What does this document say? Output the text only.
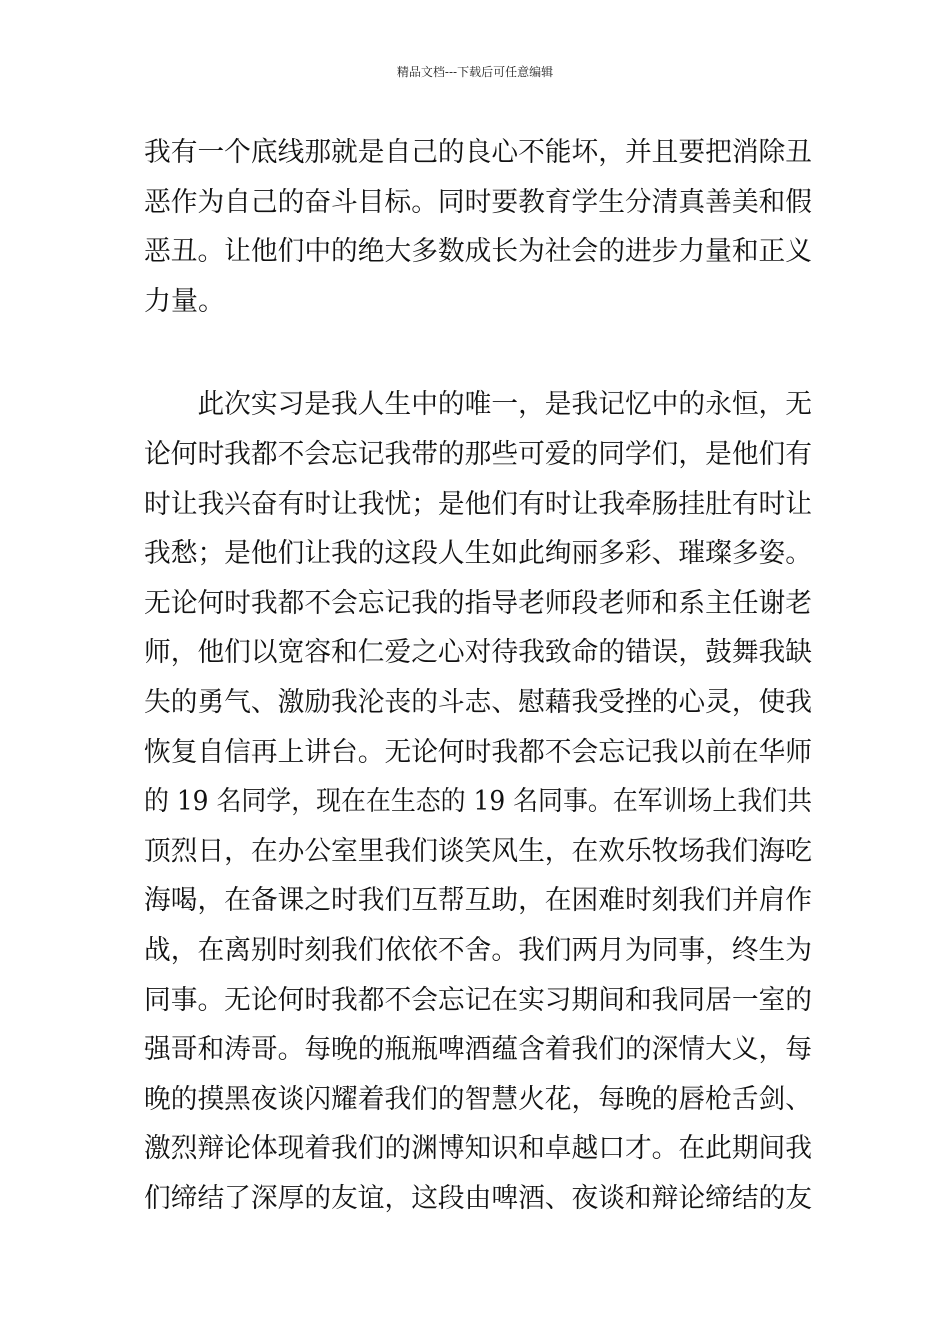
精品文档---下载后可任意编辑

我有一个底线那就是自己的良心不能坏，并且要把消除丑
恶作为自己的奋斗目标。同时要教育学生分清真善美和假
恶丑。让他们中的绝大多数成长为社会的进步力量和正义
力量。

　　此次实习是我人生中的唯一，是我记忆中的永恒，无
论何时我都不会忘记我带的那些可爱的同学们，是他们有
时让我兴奋有时让我忧；是他们有时让我牵肠挂肚有时让
我愁；是他们让我的这段人生如此绚丽多彩、璀璨多姿。
无论何时我都不会忘记我的指导老师段老师和系主任谢老
师，他们以宽容和仁爱之心对待我致命的错误，鼓舞我缺
失的勇气、激励我沦丧的斗志、慰藉我受挫的心灵，使我
恢复自信再上讲台。无论何时我都不会忘记我以前在华师
的 19 名同学，现在在生态的 19 名同事。在军训场上我们共
顶烈日，在办公室里我们谈笑风生，在欢乐牧场我们海吃
海喝，在备课之时我们互帮互助，在困难时刻我们并肩作
战，在离别时刻我们依依不舍。我们两月为同事，终生为
同事。无论何时我都不会忘记在实习期间和我同居一室的
强哥和涛哥。每晚的瓶瓶啤酒蕴含着我们的深情大义，每
晚的摸黑夜谈闪耀着我们的智慧火花，每晚的唇枪舌剑、
激烈辩论体现着我们的渊博知识和卓越口才。在此期间我
们缔结了深厚的友谊，这段由啤酒、夜谈和辩论缔结的友
